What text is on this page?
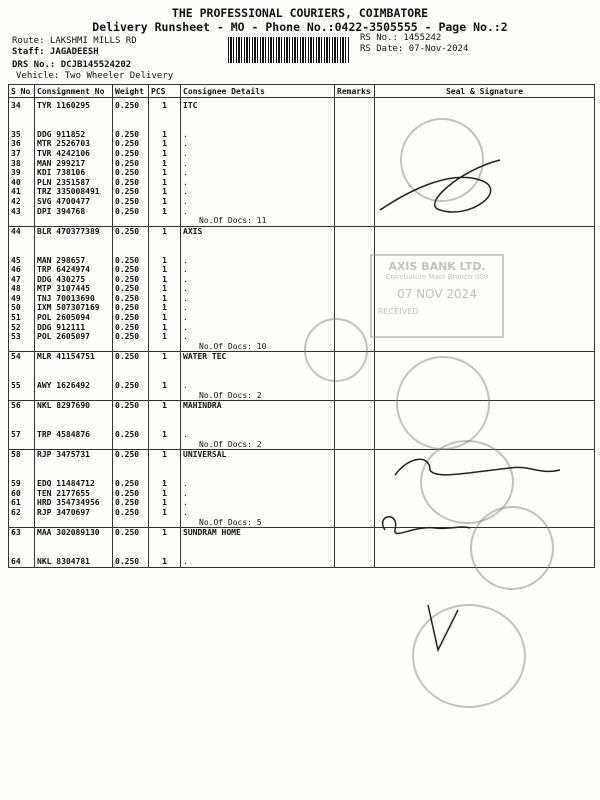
THE PROFESSIONAL COURIERS, COIMBATORE
Delivery Runsheet - MO - Phone No.:0422-3505555 - Page No.:2
Route: LAKSHMI MILLS RD
Staff: JAGADEESH
DRS No.: DCJB145524202
Vehicle: Two Wheeler Delivery
RS No.: 1455242
RS Date: 07-Nov-2024
S No	Consignment No	Weight	PCS	Consignee Details	Remarks	Seal & Signature
34	TYR 1160295	0.250	1	ITC		

35	DDG 911852	0.250	1	.		
36	MTR 2526703	0.250	1	.		
37	TVR 4242106	0.250	1	.		
38	MAN 299217	0.250	1	.		
39	KDI 738106	0.250	1	.		
40	PLN 2351587	0.250	1	.		
41	TRZ 335008491	0.250	1	.		
42	SVG 4700477	0.250	1	.		
43	DPI 394768	0.250	1	.		
				No.Of Docs: 11		
44	BLR 470377389	0.250	1	AXIS		

45	MAN 298657	0.250	1	.		
46	TRP 6424974	0.250	1	.		
47	DDG 430275	0.250	1	.		
48	MTP 3107445	0.250	1	.		
49	TNJ 70013690	0.250	1	.		
50	IXM 507307169	0.250	1	.		
51	POL 2605094	0.250	1	.		
52	DDG 912111	0.250	1	.		
53	POL 2605097	0.250	1	.		
				No.Of Docs: 10		
54	MLR 41154751	0.250	1	WATER TEC		

55	AWY 1626492	0.250	1	.		
				No.Of Docs: 2		
56	NKL 8297690	0.250	1	MAHINDRA		

57	TRP 4584876	0.250	1	.		
				No.Of Docs: 2		
58	RJP 3475731	0.250	1	UNIVERSAL		

59	EDQ 11484712	0.250	1	.		
60	TEN 2177655	0.250	1	.		
61	HRD 354734956	0.250	1	.		
62	RJP 3470697	0.250	1	.		
				No.Of Docs: 5		
63	MAA 302089130	0.250	1	SUNDRAM HOME		

64	NKL 8304781	0.250	1	.		
AXIS BANK LTD.
Coimbatore Main Branch-009
07 NOV 2024
RECEIVED
